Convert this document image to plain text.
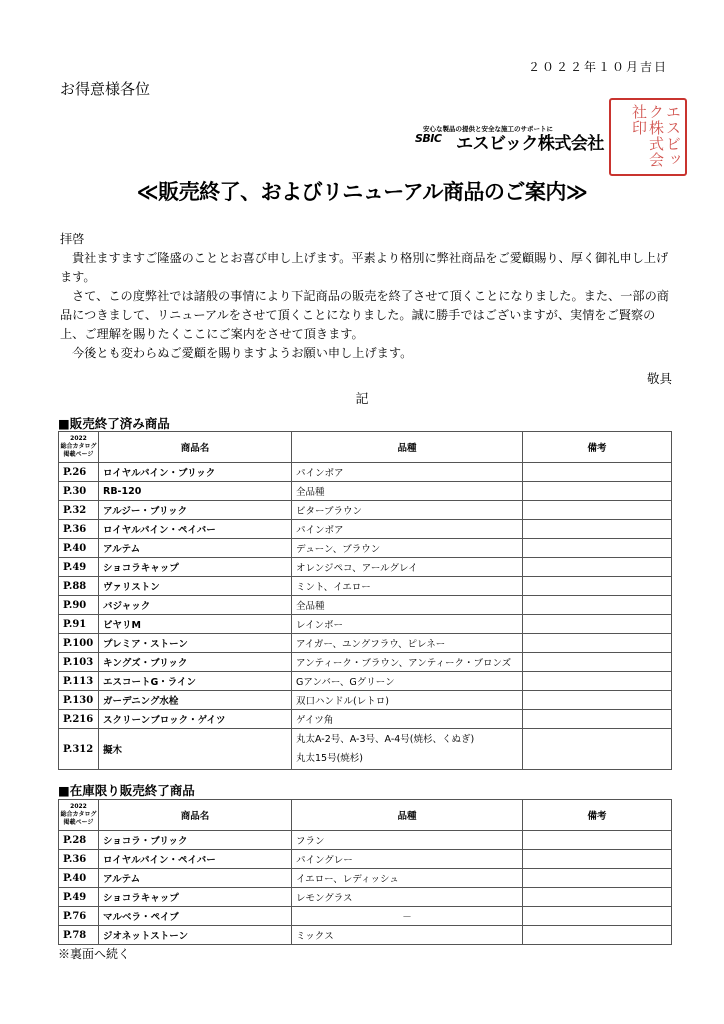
２０２２年１０月吉日
お得意様各位
安心な製品の提供と安全な施工のサポートに
SBIC エスビック株式会社	エスビック株式会社印
≪販売終了、およびリニューアル商品のご案内≫

拝啓

貴社ますますご隆盛のこととお喜び申し上げます。平素より格別に弊社商品をご愛顧賜り、厚く御礼申し上げます。

さて、この度弊社では諸般の事情により下記商品の販売を終了させて頂くことになりました。また、一部の商品につきまして、リニューアルをさせて頂くことになりました。誠に勝手ではございますが、実情をご賢察の上、ご理解を賜りたくここにご案内をさせて頂きます。

今後とも変わらぬご愛顧を賜りますようお願い申し上げます。

敬具
記
■販売終了済み商品
2022
総合カタログ
掲載ページ	商品名	品種	備考
P.26	ロイヤルパイン・ブリック	パインボア	
P.30	RB-120	全品種	
P.32	アルジー・ブリック	ビターブラウン	
P.36	ロイヤルパイン・ペイバー	パインボア	
P.40	アルテム	デューン、ブラウン	
P.49	ショコラキャップ	オレンジペコ、アールグレイ	
P.88	ヴァリストン	ミント、イエロー	
P.90	バジャック	全品種	
P.91	ビヤリM	レインボー	
P.100	プレミア・ストーン	アイガー、ユングフラウ、ピレネー	
P.103	キングズ・ブリック	アンティーク・ブラウン、アンティーク・ブロンズ	
P.113	エスコートG・ライン	Gアンバー、Gグリーン	
P.130	ガーデニング水栓	双口ハンドル(レトロ)	
P.216	スクリーンブロック・ゲイツ	ゲイツ角	
P.312	擬木	丸太A-2号、A-3号、A-4号(焼杉、くぬぎ)
丸太15号(焼杉)	

■在庫限り販売終了商品
2022
総合カタログ
掲載ページ	商品名	品種	備考
P.28	ショコラ・ブリック	フラン	
P.36	ロイヤルパイン・ペイバー	パイングレー	
P.40	アルテム	イエロー、レディッシュ	
P.49	ショコラキャップ	レモングラス	
P.76	マルベラ・ペイブ	－	
P.78	ジオネットストーン	ミックス	
※裏面へ続く
